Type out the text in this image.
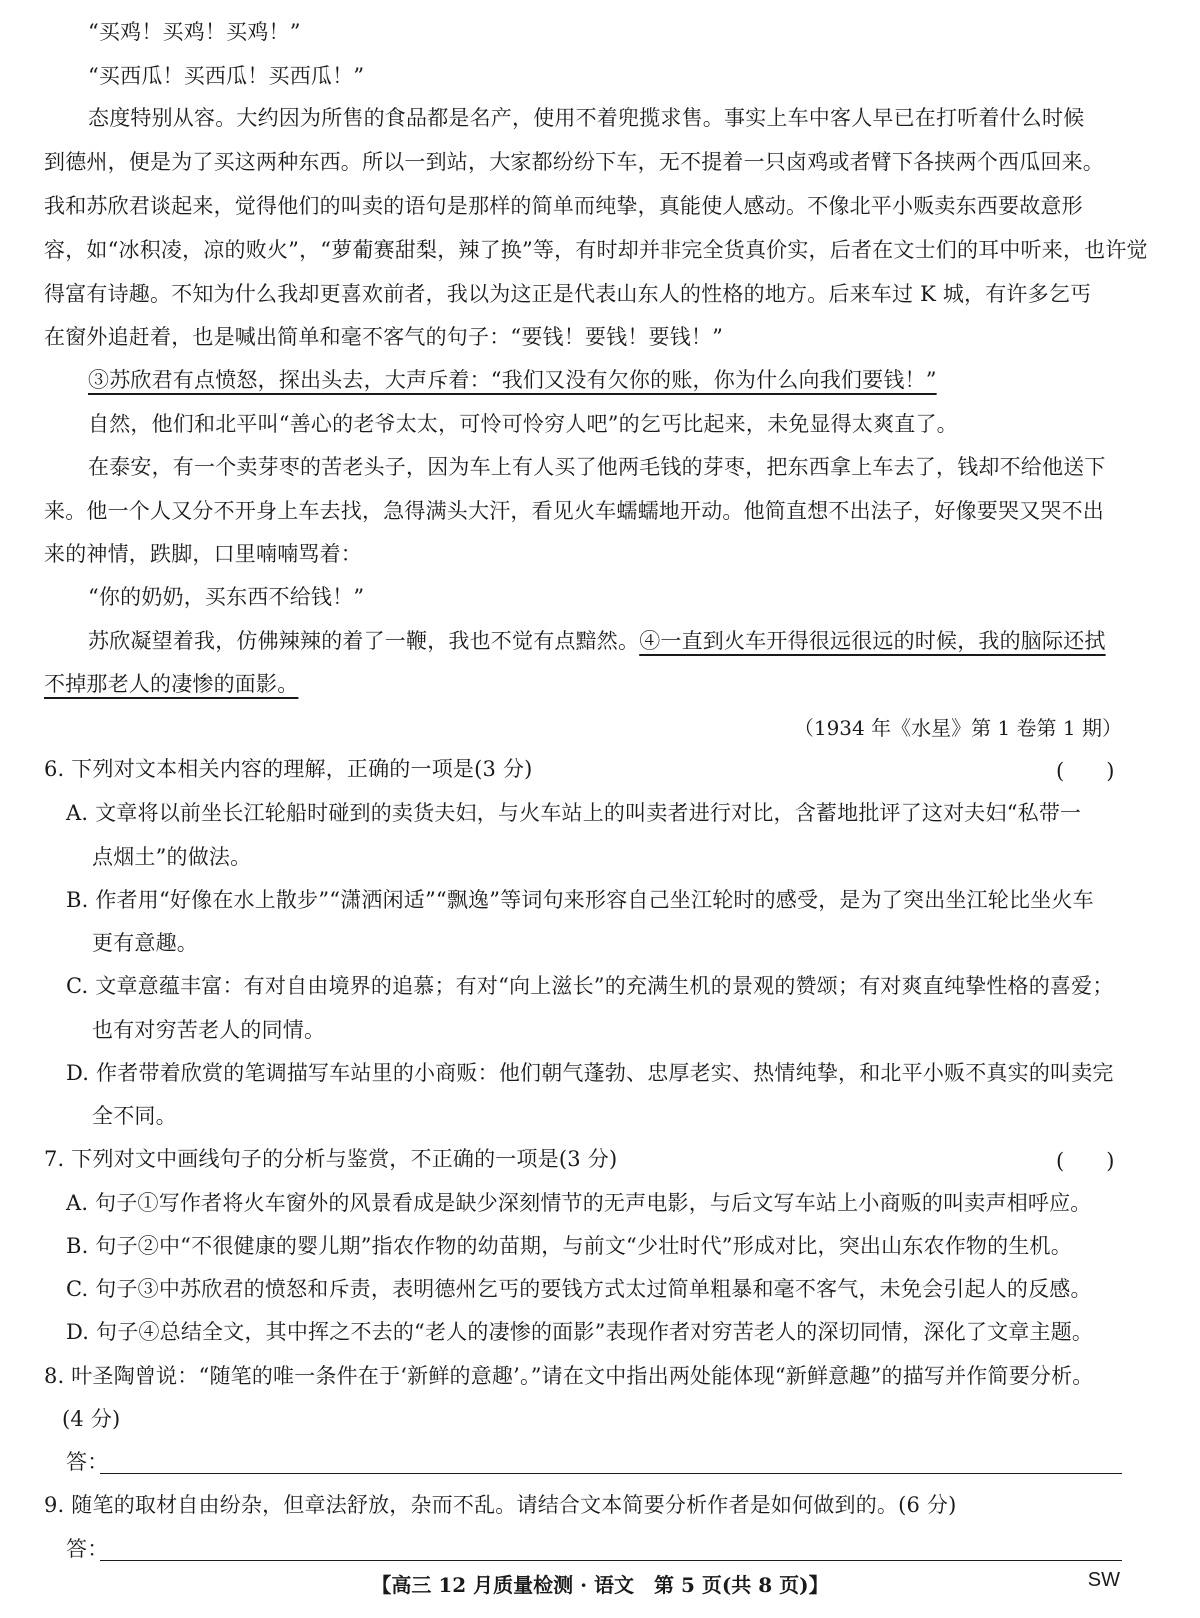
“买鸡！买鸡！买鸡！”
“买西瓜！买西瓜！买西瓜！”
态度特别从容。大约因为所售的食品都是名产，使用不着兜揽求售。事实上车中客人早已在打听着什么时候
到德州，便是为了买这两种东西。所以一到站，大家都纷纷下车，无不提着一只卤鸡或者臂下各挟两个西瓜回来。
我和苏欣君谈起来，觉得他们的叫卖的语句是那样的简单而纯挚，真能使人感动。不像北平小贩卖东西要故意形
容，如“冰积凌，凉的败火”，“萝葡赛甜梨，辣了换”等，有时却并非完全货真价实，后者在文士们的耳中听来，也许觉
得富有诗趣。不知为什么我却更喜欢前者，我以为这正是代表山东人的性格的地方。后来车过 K 城，有许多乞丐
在窗外追赶着，也是喊出简单和毫不客气的句子：“要钱！要钱！要钱！”
③苏欣君有点愤怒，探出头去，大声斥着：“我们又没有欠你的账，你为什么向我们要钱！”
自然，他们和北平叫“善心的老爷太太，可怜可怜穷人吧”的乞丐比起来，未免显得太爽直了。
在泰安，有一个卖芽枣的苦老头子，因为车上有人买了他两毛钱的芽枣，把东西拿上车去了，钱却不给他送下
来。他一个人又分不开身上车去找，急得满头大汗，看见火车蠕蠕地开动。他简直想不出法子，好像要哭又哭不出
来的神情，跌脚，口里喃喃骂着：
“你的奶奶，买东西不给钱！”
苏欣凝望着我，仿佛辣辣的着了一鞭，我也不觉有点黯然。④一直到火车开得很远很远的时候，我的脑际还拭
不掉那老人的凄惨的面影。
（1934 年《水星》第 1 卷第 1 期）
6. 下列对文本相关内容的理解，正确的一项是(3 分)	(　　)
A. 文章将以前坐长江轮船时碰到的卖货夫妇，与火车站上的叫卖者进行对比，含蓄地批评了这对夫妇“私带一
点烟土”的做法。
B. 作者用“好像在水上散步”“潇洒闲适”“飘逸”等词句来形容自己坐江轮时的感受，是为了突出坐江轮比坐火车
更有意趣。
C. 文章意蕴丰富：有对自由境界的追慕；有对“向上滋长”的充满生机的景观的赞颂；有对爽直纯挚性格的喜爱；
也有对穷苦老人的同情。
D. 作者带着欣赏的笔调描写车站里的小商贩：他们朝气蓬勃、忠厚老实、热情纯挚，和北平小贩不真实的叫卖完
全不同。
7. 下列对文中画线句子的分析与鉴赏，不正确的一项是(3 分)	(　　)
A. 句子①写作者将火车窗外的风景看成是缺少深刻情节的无声电影，与后文写车站上小商贩的叫卖声相呼应。
B. 句子②中“不很健康的婴儿期”指农作物的幼苗期，与前文“少壮时代”形成对比，突出山东农作物的生机。
C. 句子③中苏欣君的愤怒和斥责，表明德州乞丐的要钱方式太过简单粗暴和毫不客气，未免会引起人的反感。
D. 句子④总结全文，其中挥之不去的“老人的凄惨的面影”表现作者对穷苦老人的深切同情，深化了文章主题。
8. 叶圣陶曾说：“随笔的唯一条件在于‘新鲜的意趣’。”请在文中指出两处能体现“新鲜意趣”的描写并作简要分析。
(4 分)
答：
9. 随笔的取材自由纷杂，但章法舒放，杂而不乱。请结合文本简要分析作者是如何做到的。(6 分)
答：
【高三 12 月质量检测 · 语文　第 5 页(共 8 页)】	SW
